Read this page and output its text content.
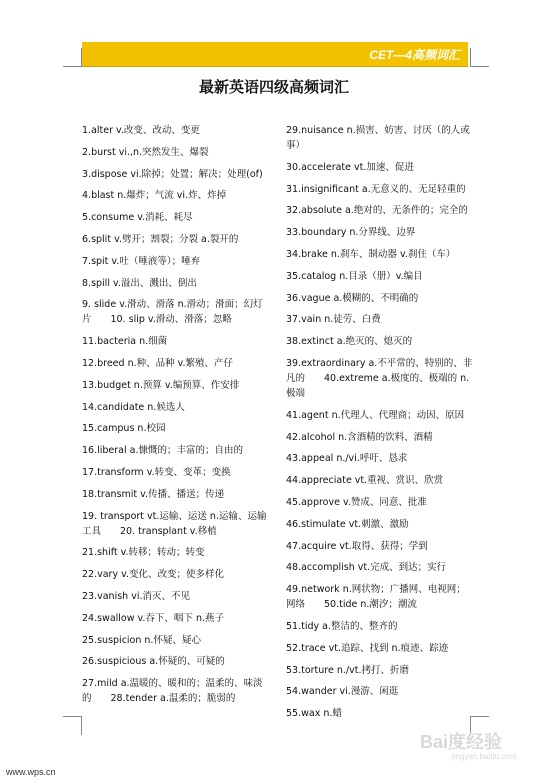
CET—4高频词汇
最新英语四级高频词汇
1.alter v.改变、改动、变更
2.burst vi.,n.突然发生、爆裂
3.dispose vi.除掉；处置；解决；处理(of)
4.blast n.爆炸；气流 vi.炸、炸掉
5.consume v.消耗、耗尽
6.split v.劈开；割裂；分裂 a.裂开的
7.spit v.吐（唾液等）；唾弃
8.spill v.溢出、溅出、倒出
9. slide v.滑动、滑落 n.滑动；滑面；幻灯片　　10. slip v.滑动、滑落；忽略
11.bacteria n.细菌
12.breed n.种、品种 v.繁殖、产仔
13.budget n.预算 v.编预算、作安排
14.candidate n.候选人
15.campus n.校园
16.liberal a.慷慨的；丰富的；自由的
17.transform v.转变、变革；变换
18.transmit v.传播、播送；传递
19. transport vt.运输、运送 n.运输、运输工具　　20. transplant v.移植
21.shift v.转移；转动；转变
22.vary v.变化、改变；使多样化
23.vanish vi.消灭、不见
24.swallow v.吞下、咽下 n.燕子
25.suspicion n.怀疑、疑心
26.suspicious a.怀疑的、可疑的
27.mild a.温暖的、暖和的；温柔的、味淡的　　28.tender a.温柔的；脆弱的
29.nuisance n.损害、妨害、讨厌（的人或事）
30.accelerate vt.加速、促进
31.insignificant a.无意义的、无足轻重的
32.absolute a.绝对的、无条件的；完全的
33.boundary n.分界线、边界
34.brake n.刹车、制动器 v.刹住（车）
35.catalog n.目录（册）v.编目
36.vague a.模糊的、不明确的
37.vain n.徒劳、白费
38.extinct a.绝灭的、熄灭的
39.extraordinary a.不平常的、特别的、非凡的　　40.extreme a.极度的、极端的 n.极端
41.agent n.代理人、代理商；动因、原因
42.alcohol n.含酒精的饮料、酒精
43.appeal n./vi.呼吁、恳求
44.appreciate vt.重视、赏识、欣赏
45.approve v.赞成、同意、批准
46.stimulate vt.刺激、激励
47.acquire vt.取得、获得；学到
48.accomplish vt.完成、到达；实行
49.network n.网状物；广播网、电视网；网络　　50.tide n.潮汐；潮流
51.tidy a.整洁的、整齐的
52.trace vt.追踪、找到 n.痕迹、踪迹
53.torture n./vt.拷打、折磨
54.wander vi.漫游、闲逛
55.wax n.蜡
Bai度经验
jingyan.baidu.com
www.wps.cn
